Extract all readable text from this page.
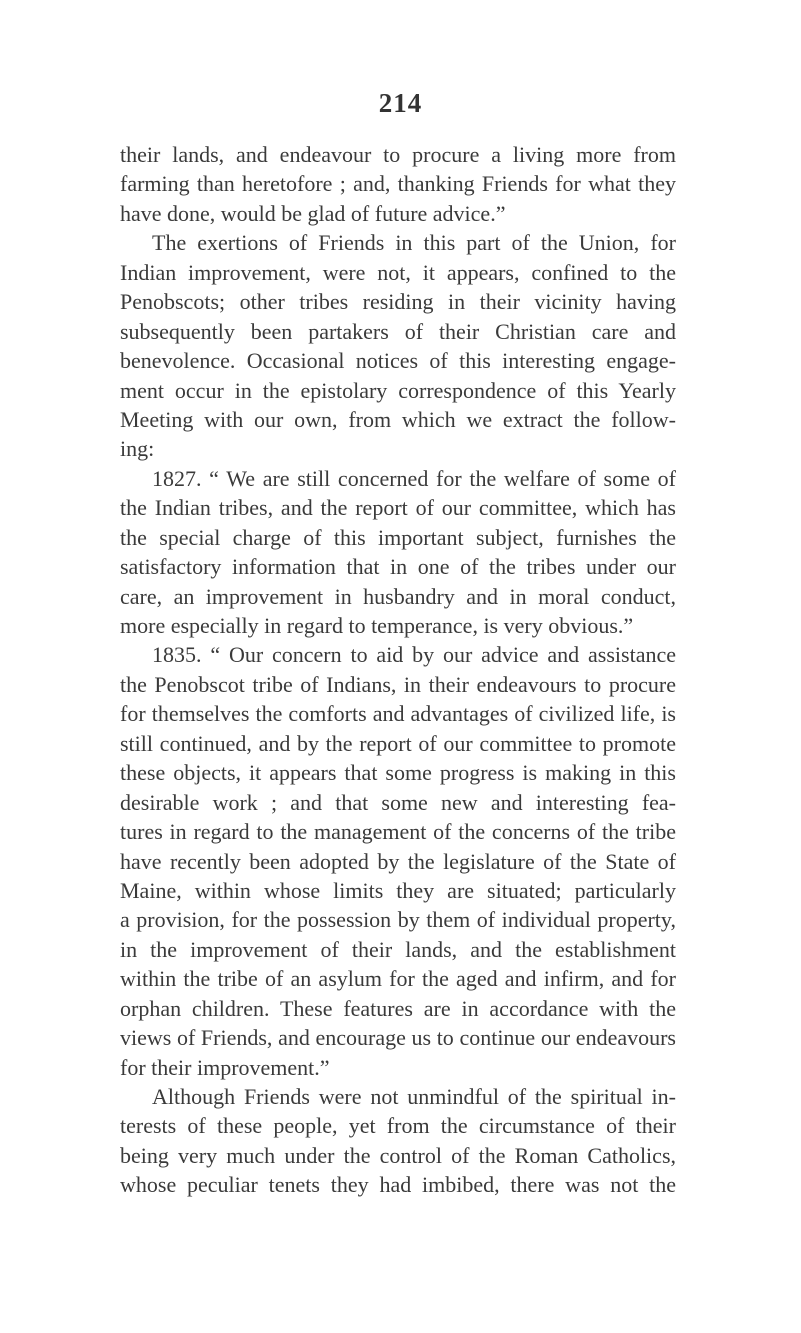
214
their lands, and endeavour to procure a living more from
farming than heretofore ; and, thanking Friends for what they
have done, would be glad of future advice.”
The exertions of Friends in this part of the Union, for
Indian improvement, were not, it appears, confined to the
Penobscots; other tribes residing in their vicinity having
subsequently been partakers of their Christian care and
benevolence. Occasional notices of this interesting engage-
ment occur in the epistolary correspondence of this Yearly
Meeting with our own, from which we extract the follow-
ing:
1827. “ We are still concerned for the welfare of some of
the Indian tribes, and the report of our committee, which has
the special charge of this important subject, furnishes the
satisfactory information that in one of the tribes under our
care, an improvement in husbandry and in moral conduct,
more especially in regard to temperance, is very obvious.”
1835. “ Our concern to aid by our advice and assistance
the Penobscot tribe of Indians, in their endeavours to procure
for themselves the comforts and advantages of civilized life, is
still continued, and by the report of our committee to promote
these objects, it appears that some progress is making in this
desirable work ; and that some new and interesting fea-
tures in regard to the management of the concerns of the tribe
have recently been adopted by the legislature of the State of
Maine, within whose limits they are situated; particularly
a provision, for the possession by them of individual property,
in the improvement of their lands, and the establishment
within the tribe of an asylum for the aged and infirm, and for
orphan children. These features are in accordance with the
views of Friends, and encourage us to continue our endeavours
for their improvement.”
Although Friends were not unmindful of the spiritual in-
terests of these people, yet from the circumstance of their
being very much under the control of the Roman Catholics,
whose peculiar tenets they had imbibed, there was not the
